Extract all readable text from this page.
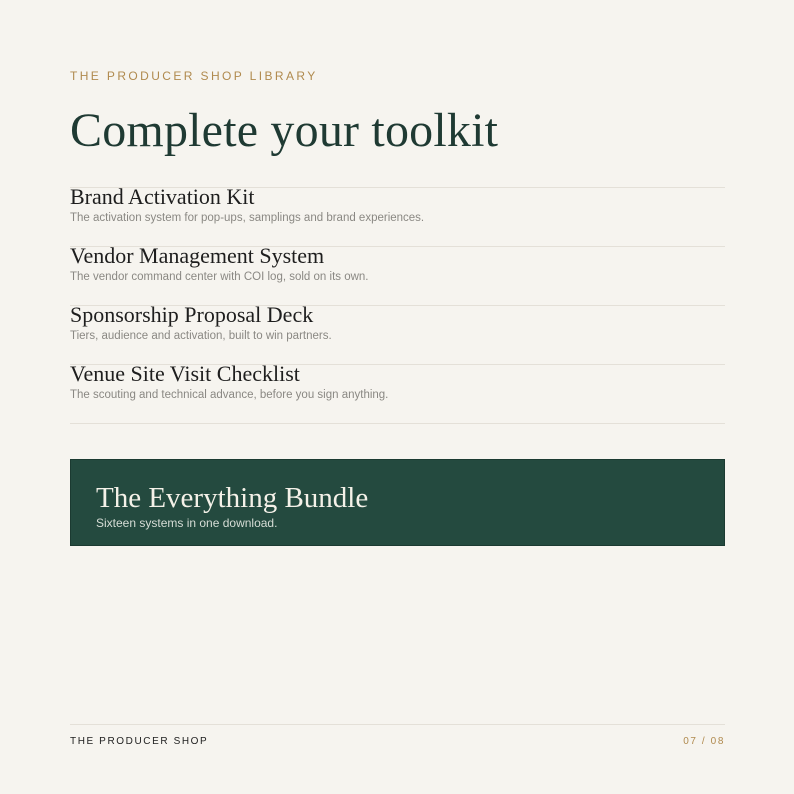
THE PRODUCER SHOP LIBRARY
Complete your toolkit
Brand Activation Kit
The activation system for pop-ups, samplings and brand experiences.
Vendor Management System
The vendor command center with COI log, sold on its own.
Sponsorship Proposal Deck
Tiers, audience and activation, built to win partners.
Venue Site Visit Checklist
The scouting and technical advance, before you sign anything.
The Everything Bundle
Sixteen systems in one download.
THE PRODUCER SHOP	07 / 08
